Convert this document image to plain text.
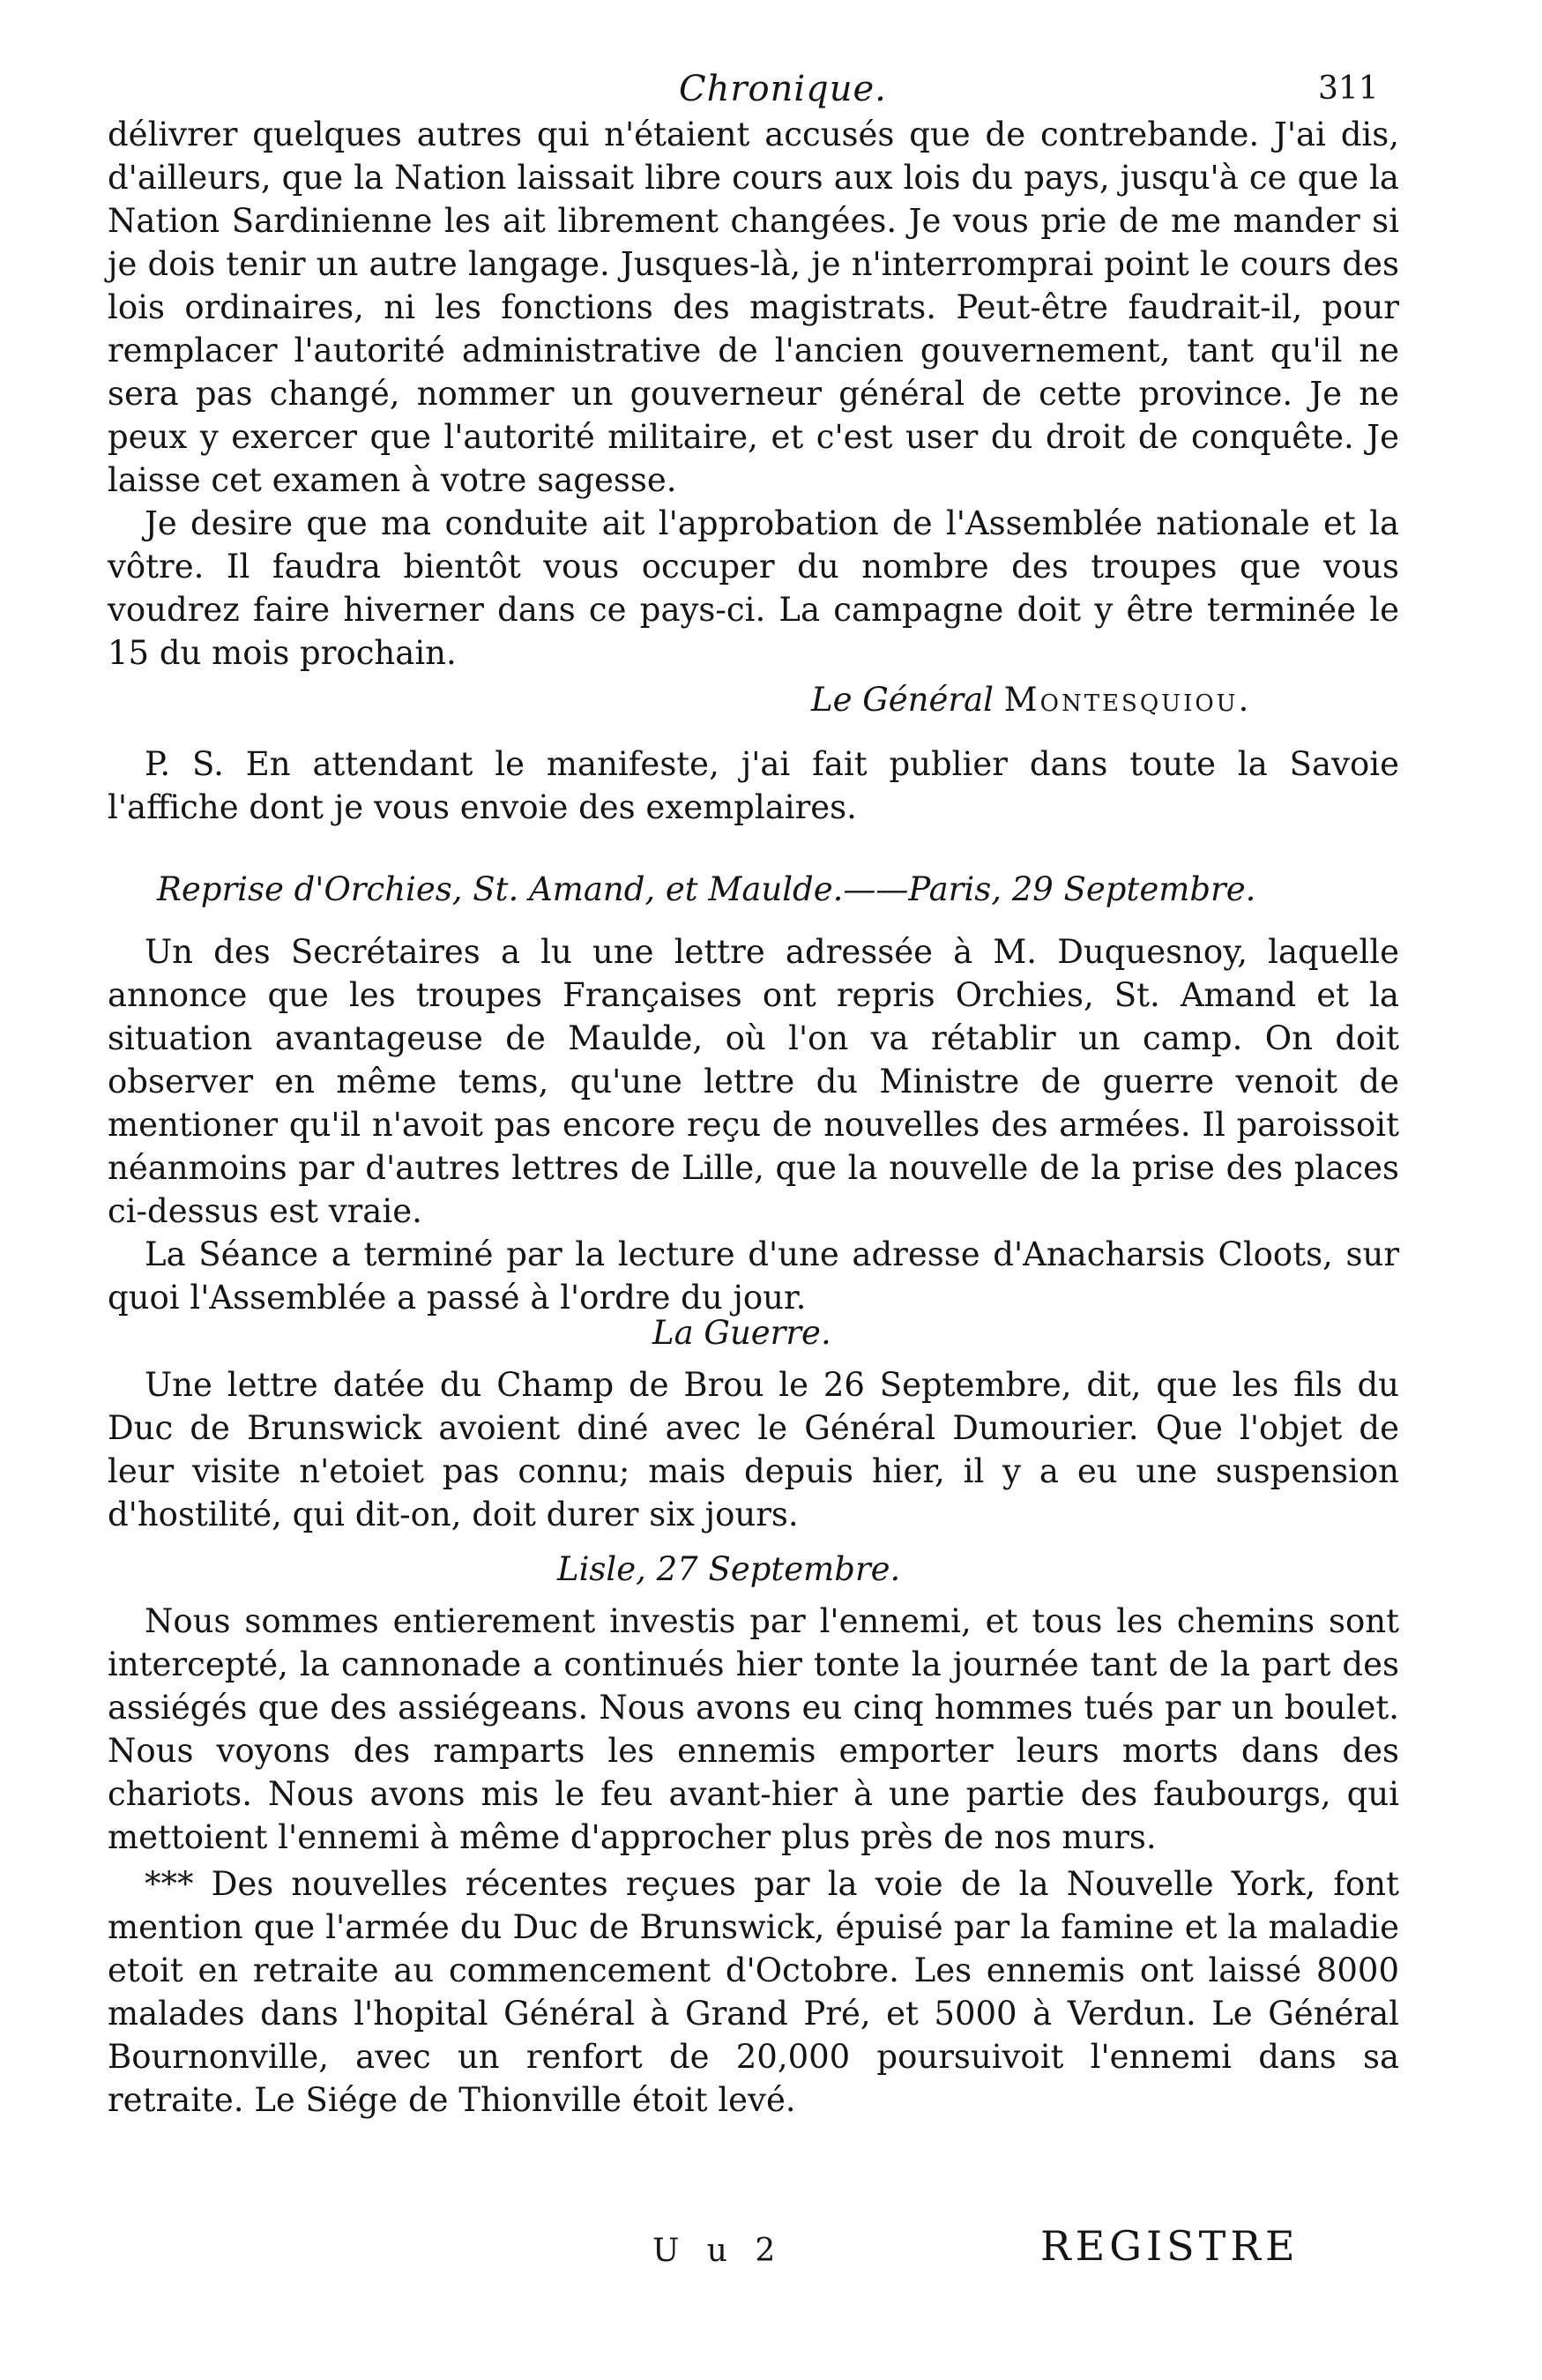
Chronique.	311

délivrer quelques autres qui n'étaient accusés que de contrebande. J'ai dis, d'ailleurs, que la Nation laissait libre cours aux lois du pays, jusqu'à ce que la Nation Sardinienne les ait librement changées. Je vous prie de me mander si je dois tenir un autre langage. Jusques-là, je n'interromprai point le cours des lois ordinaires, ni les fonctions des magistrats. Peut-être faudrait-il, pour remplacer l'autorité administrative de l'ancien gouvernement, tant qu'il ne sera pas changé, nommer un gouverneur général de cette province. Je ne peux y exercer que l'autorité militaire, et c'est user du droit de conquête. Je laisse cet examen à votre sagesse.

Je desire que ma conduite ait l'approbation de l'Assemblée nationale et la vôtre. Il faudra bientôt vous occuper du nombre des troupes que vous voudrez faire hiverner dans ce pays-ci. La campagne doit y être terminée le 15 du mois prochain.

Le Général Montesquiou.

P. S. En attendant le manifeste, j'ai fait publier dans toute la Savoie l'affiche dont je vous envoie des exemplaires.

Reprise d'Orchies, St. Amand, et Maulde.——Paris, 29 Septembre.

Un des Secrétaires a lu une lettre adressée à M. Duquesnoy, laquelle annonce que les troupes Françaises ont repris Orchies, St. Amand et la situation avantageuse de Maulde, où l'on va rétablir un camp. On doit observer en même tems, qu'une lettre du Ministre de guerre venoit de mentioner qu'il n'avoit pas encore reçu de nouvelles des armées. Il paroissoit néanmoins par d'autres lettres de Lille, que la nouvelle de la prise des places ci-dessus est vraie.

La Séance a terminé par la lecture d'une adresse d'Anacharsis Cloots, sur quoi l'Assemblée a passé à l'ordre du jour.

La Guerre.

Une lettre datée du Champ de Brou le 26 Septembre, dit, que les fils du Duc de Brunswick avoient diné avec le Général Dumourier. Que l'objet de leur visite n'etoiet pas connu; mais depuis hier, il y a eu une suspension d'hostilité, qui dit-on, doit durer six jours.

Lisle, 27 Septembre.

Nous sommes entierement investis par l'ennemi, et tous les chemins sont intercepté, la cannonade a continués hier tonte la journée tant de la part des assiégés que des assiégeans. Nous avons eu cinq hommes tués par un boulet. Nous voyons des ramparts les ennemis emporter leurs morts dans des chariots. Nous avons mis le feu avant-hier à une partie des faubourgs, qui mettoient l'ennemi à même d'approcher plus près de nos murs.

*** Des nouvelles récentes reçues par la voie de la Nouvelle York, font mention que l'armée du Duc de Brunswick, épuisé par la famine et la maladie etoit en retraite au commencement d'Octobre. Les ennemis ont laissé 8000 malades dans l'hopital Général à Grand Pré, et 5000 à Verdun. Le Général Bournonville, avec un renfort de 20,000 poursuivoit l'ennemi dans sa retraite. Le Siége de Thionville étoit levé.

U u 2	REGISTRE
